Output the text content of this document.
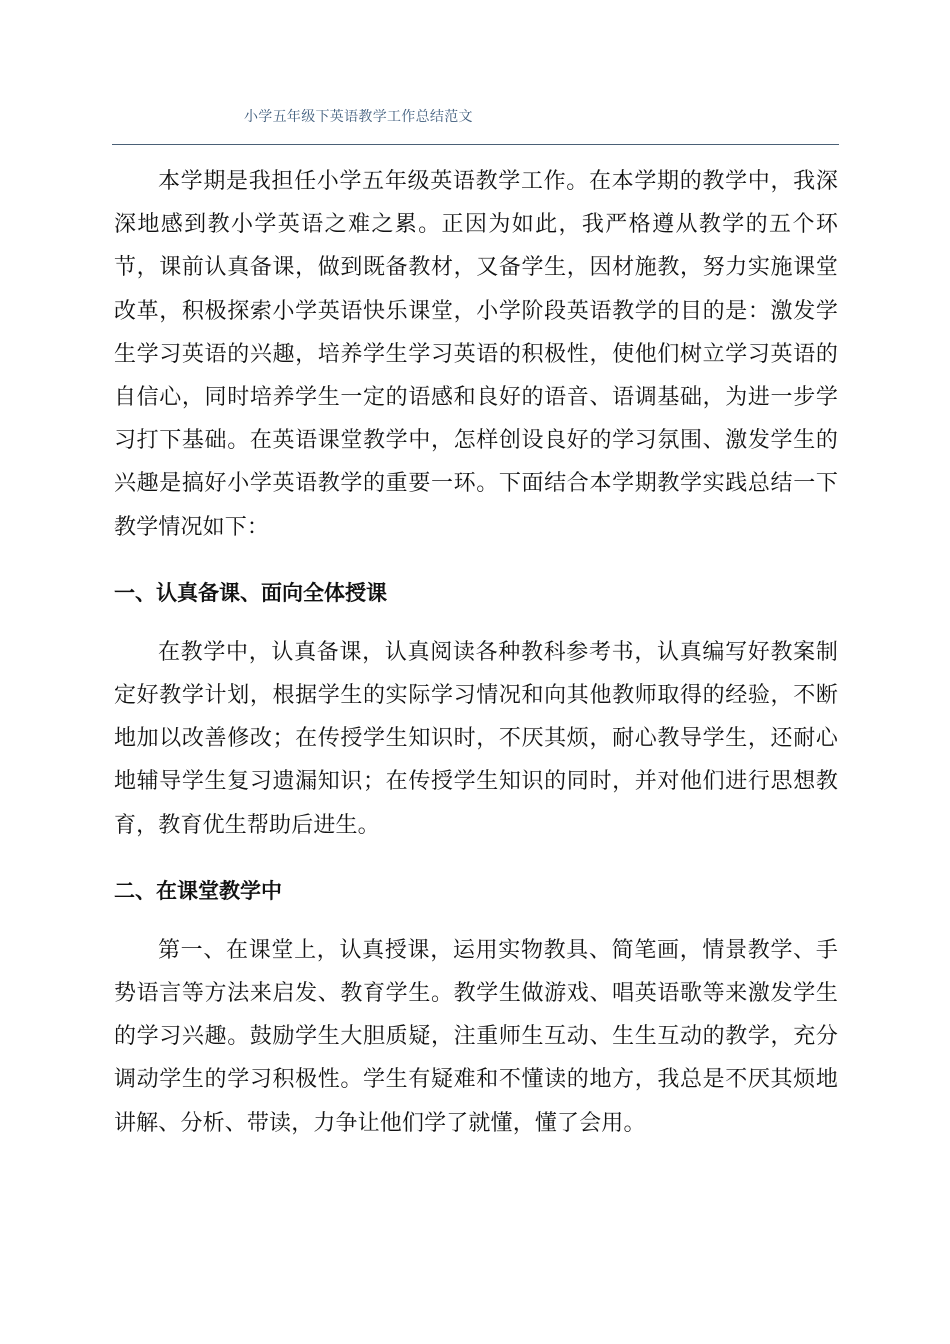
小学五年级下英语教学工作总结范文

本学期是我担任小学五年级英语教学工作。在本学期的教学中，我深深地感到教小学英语之难之累。正因为如此，我严格遵从教学的五个环节，课前认真备课，做到既备教材，又备学生，因材施教，努力实施课堂改革，积极探索小学英语快乐课堂，小学阶段英语教学的目的是：激发学生学习英语的兴趣，培养学生学习英语的积极性，使他们树立学习英语的自信心，同时培养学生一定的语感和良好的语音、语调基础，为进一步学习打下基础。在英语课堂教学中，怎样创设良好的学习氛围、激发学生的兴趣是搞好小学英语教学的重要一环。下面结合本学期教学实践总结一下教学情况如下：

一、认真备课、面向全体授课

在教学中，认真备课，认真阅读各种教科参考书，认真编写好教案制定好教学计划，根据学生的实际学习情况和向其他教师取得的经验，不断地加以改善修改；在传授学生知识时，不厌其烦，耐心教导学生，还耐心地辅导学生复习遗漏知识；在传授学生知识的同时，并对他们进行思想教育，教育优生帮助后进生。

二、在课堂教学中

第一、在课堂上，认真授课，运用实物教具、简笔画，情景教学、手势语言等方法来启发、教育学生。教学生做游戏、唱英语歌等来激发学生的学习兴趣。鼓励学生大胆质疑，注重师生互动、生生互动的教学，充分调动学生的学习积极性。学生有疑难和不懂读的地方，我总是不厌其烦地讲解、分析、带读，力争让他们学了就懂，懂了会用。
